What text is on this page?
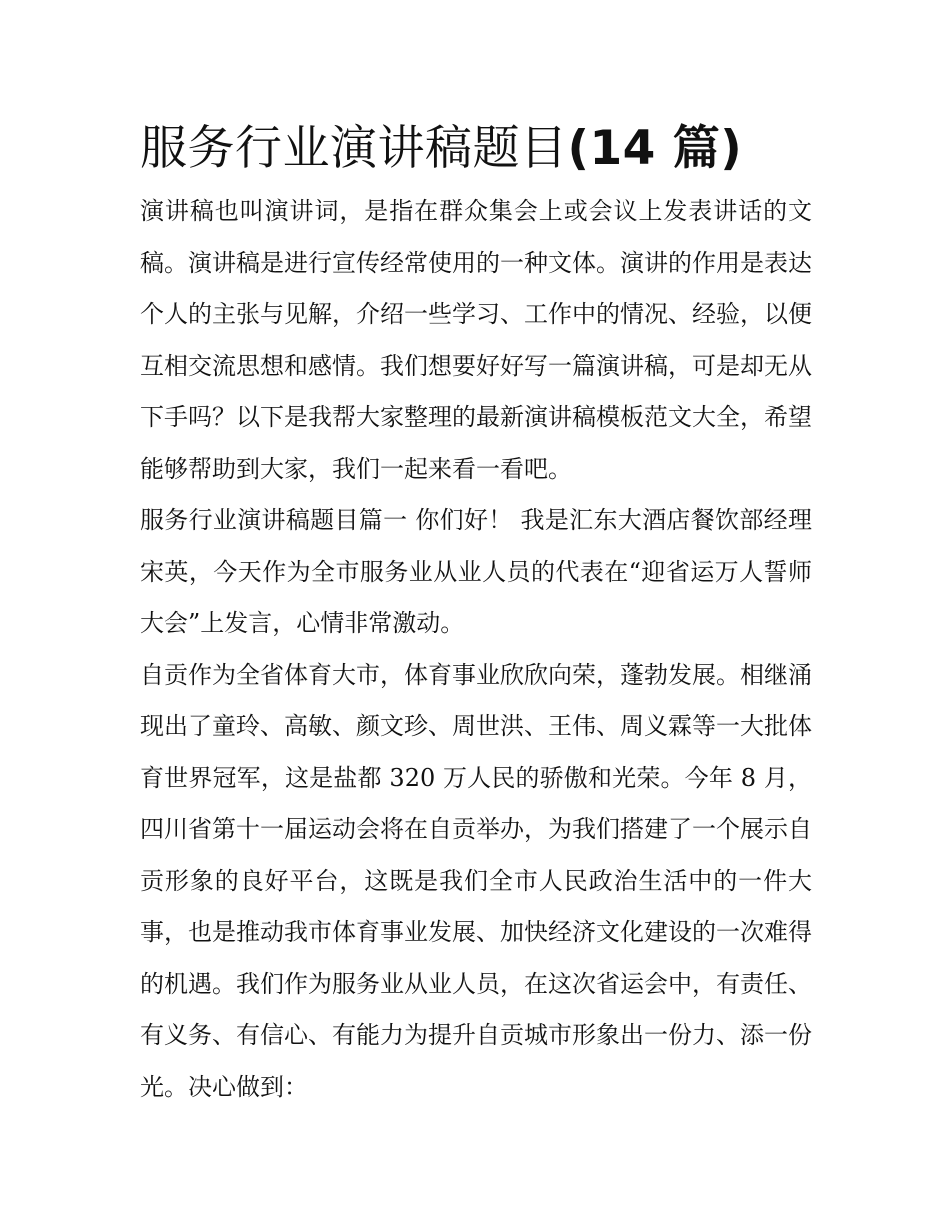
服务行业演讲稿题目(14 篇)

演讲稿也叫演讲词，是指在群众集会上或会议上发表讲话的文稿。演讲稿是进行宣传经常使用的一种文体。演讲的作用是表达个人的主张与见解，介绍一些学习、工作中的情况、经验，以便互相交流思想和感情。我们想要好好写一篇演讲稿，可是却无从下手吗？以下是我帮大家整理的最新演讲稿模板范文大全，希望能够帮助到大家，我们一起来看一看吧。

服务行业演讲稿题目篇一 你们好！ 我是汇东大酒店餐饮部经理宋英，今天作为全市服务业从业人员的代表在“迎省运万人誓师大会”上发言，心情非常激动。

自贡作为全省体育大市，体育事业欣欣向荣，蓬勃发展。相继涌现出了童玲、高敏、颜文珍、周世洪、王伟、周义霖等一大批体育世界冠军，这是盐都 320 万人民的骄傲和光荣。今年 8 月，四川省第十一届运动会将在自贡举办，为我们搭建了一个展示自贡形象的良好平台，这既是我们全市人民政治生活中的一件大事，也是推动我市体育事业发展、加快经济文化建设的一次难得的机遇。我们作为服务业从业人员，在这次省运会中，有责任、有义务、有信心、有能力为提升自贡城市形象出一份力、添一份光。决心做到：
